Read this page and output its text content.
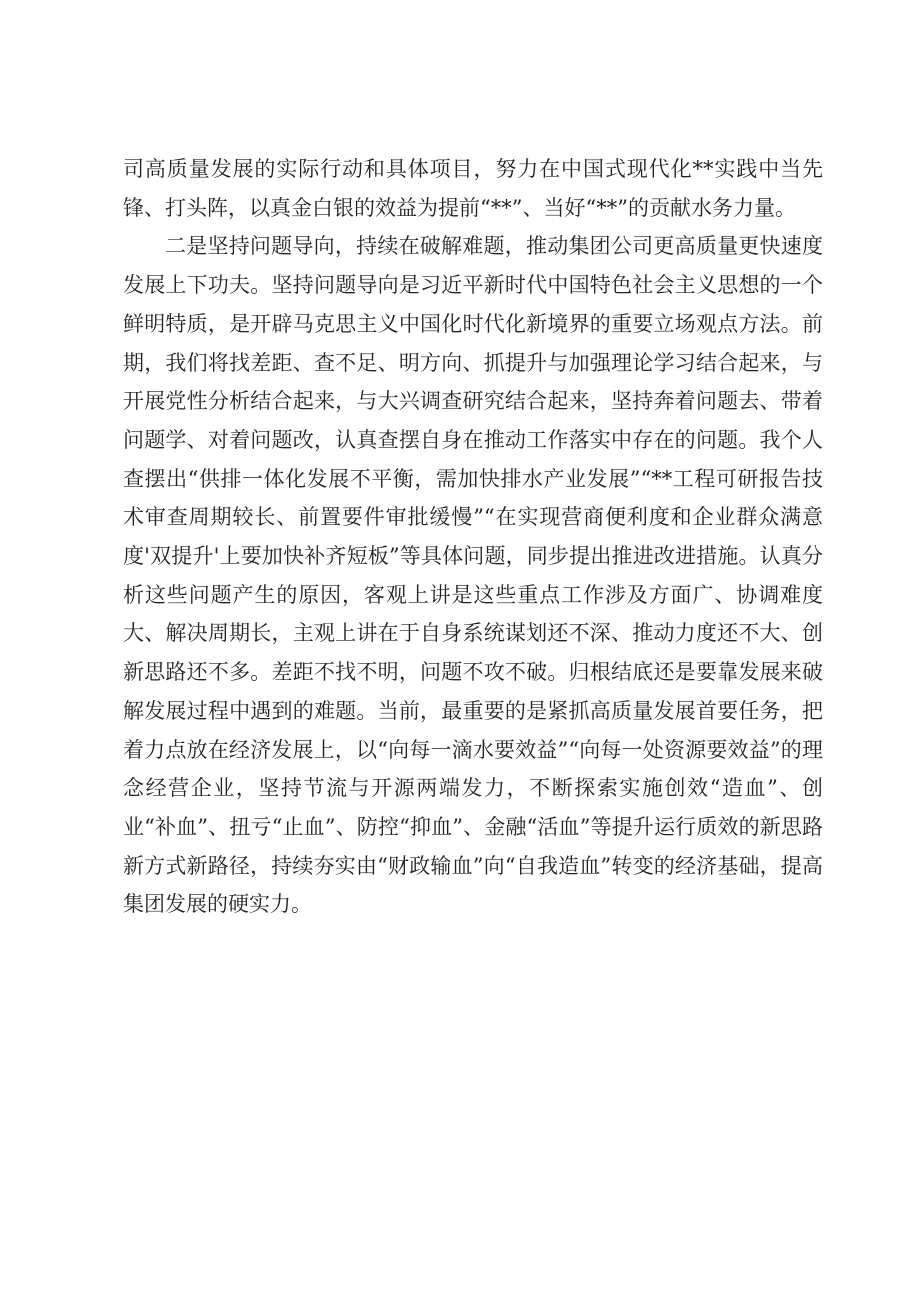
司高质量发展的实际行动和具体项目，努力在中国式现代化**实践中当先锋、打头阵，以真金白银的效益为提前“**”、当好“**”的贡献水务力量。

二是坚持问题导向，持续在破解难题，推动集团公司更高质量更快速度发展上下功夫。坚持问题导向是习近平新时代中国特色社会主义思想的一个鲜明特质，是开辟马克思主义中国化时代化新境界的重要立场观点方法。前期，我们将找差距、查不足、明方向、抓提升与加强理论学习结合起来，与开展党性分析结合起来，与大兴调查研究结合起来，坚持奔着问题去、带着问题学、对着问题改，认真查摆自身在推动工作落实中存在的问题。我个人查摆出“供排一体化发展不平衡，需加快排水产业发展”“**工程可研报告技术审查周期较长、前置要件审批缓慢”“在实现营商便利度和企业群众满意度'双提升'上要加快补齐短板”等具体问题，同步提出推进改进措施。认真分析这些问题产生的原因，客观上讲是这些重点工作涉及方面广、协调难度大、解决周期长，主观上讲在于自身系统谋划还不深、推动力度还不大、创新思路还不多。差距不找不明，问题不攻不破。归根结底还是要靠发展来破解发展过程中遇到的难题。当前，最重要的是紧抓高质量发展首要任务，把着力点放在经济发展上，以“向每一滴水要效益”“向每一处资源要效益”的理念经营企业，坚持节流与开源两端发力，不断探索实施创效“造血”、创业“补血”、扭亏“止血”、防控“抑血”、金融“活血”等提升运行质效的新思路新方式新路径，持续夯实由“财政输血”向“自我造血”转变的经济基础，提高集团发展的硬实力。
